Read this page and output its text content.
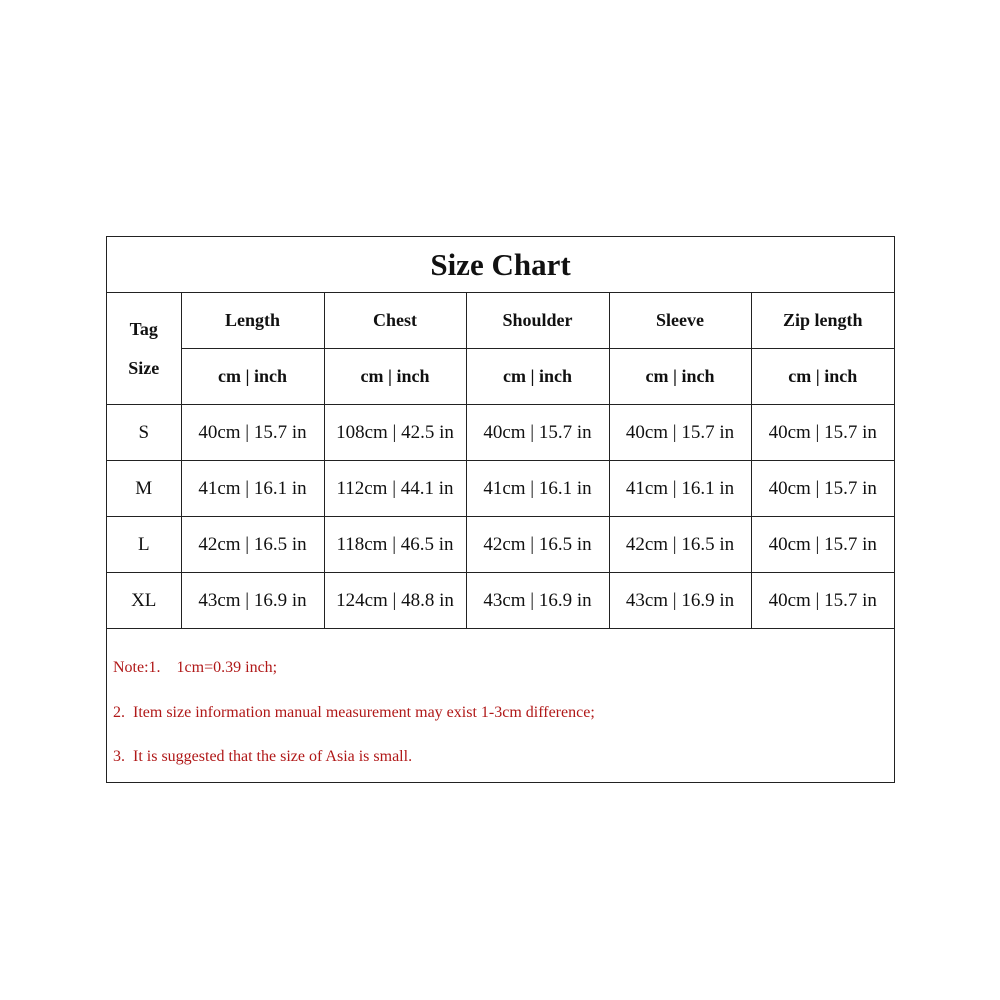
Size Chart
Tag
Size	Length	Chest	Shoulder	Sleeve	Zip length
	cm | inch	cm | inch	cm | inch	cm | inch	cm | inch
S	40cm | 15.7 in	108cm | 42.5 in	40cm | 15.7 in	40cm | 15.7 in	40cm | 15.7 in
M	41cm | 16.1 in	112cm | 44.1 in	41cm | 16.1 in	41cm | 16.1 in	40cm | 15.7 in
L	42cm | 16.5 in	118cm | 46.5 in	42cm | 16.5 in	42cm | 16.5 in	40cm | 15.7 in
XL	43cm | 16.9 in	124cm | 48.8 in	43cm | 16.9 in	43cm | 16.9 in	40cm | 15.7 in
Note:1.    1cm=0.39 inch;
2.  Item size information manual measurement may exist 1-3cm difference;
3.  It is suggested that the size of Asia is small.
